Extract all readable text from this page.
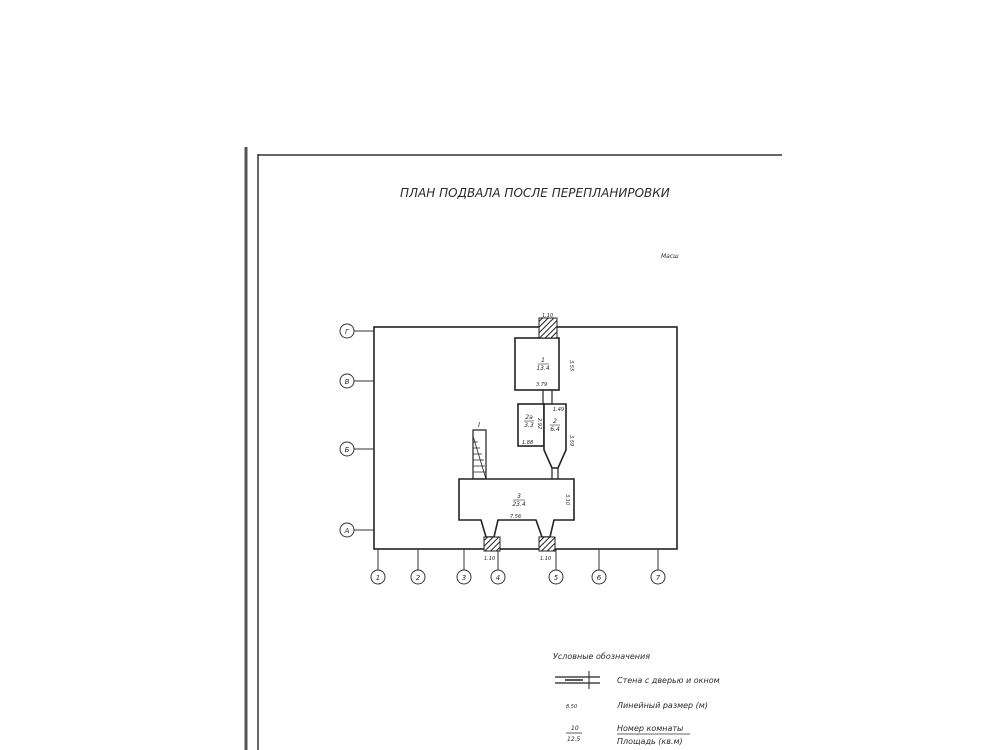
ПЛАН ПОДВАЛА ПОСЛЕ ПЕРЕПЛАНИРОВКИ
Масш
Г
В
Б
А
1	2	3	4	5	6	7
1.10
1
13.4	3.55
3.79
2а
3.3 2.92
1.88
1.49
2
6.4
3.59
I
3
23.4	3.10
7.56
1.10	1.10
Условные обозначения
Стена с дверью и окном
8.50	Линейный размер (м)
10
12.5
Номер комнаты
Площадь (кв.м)
